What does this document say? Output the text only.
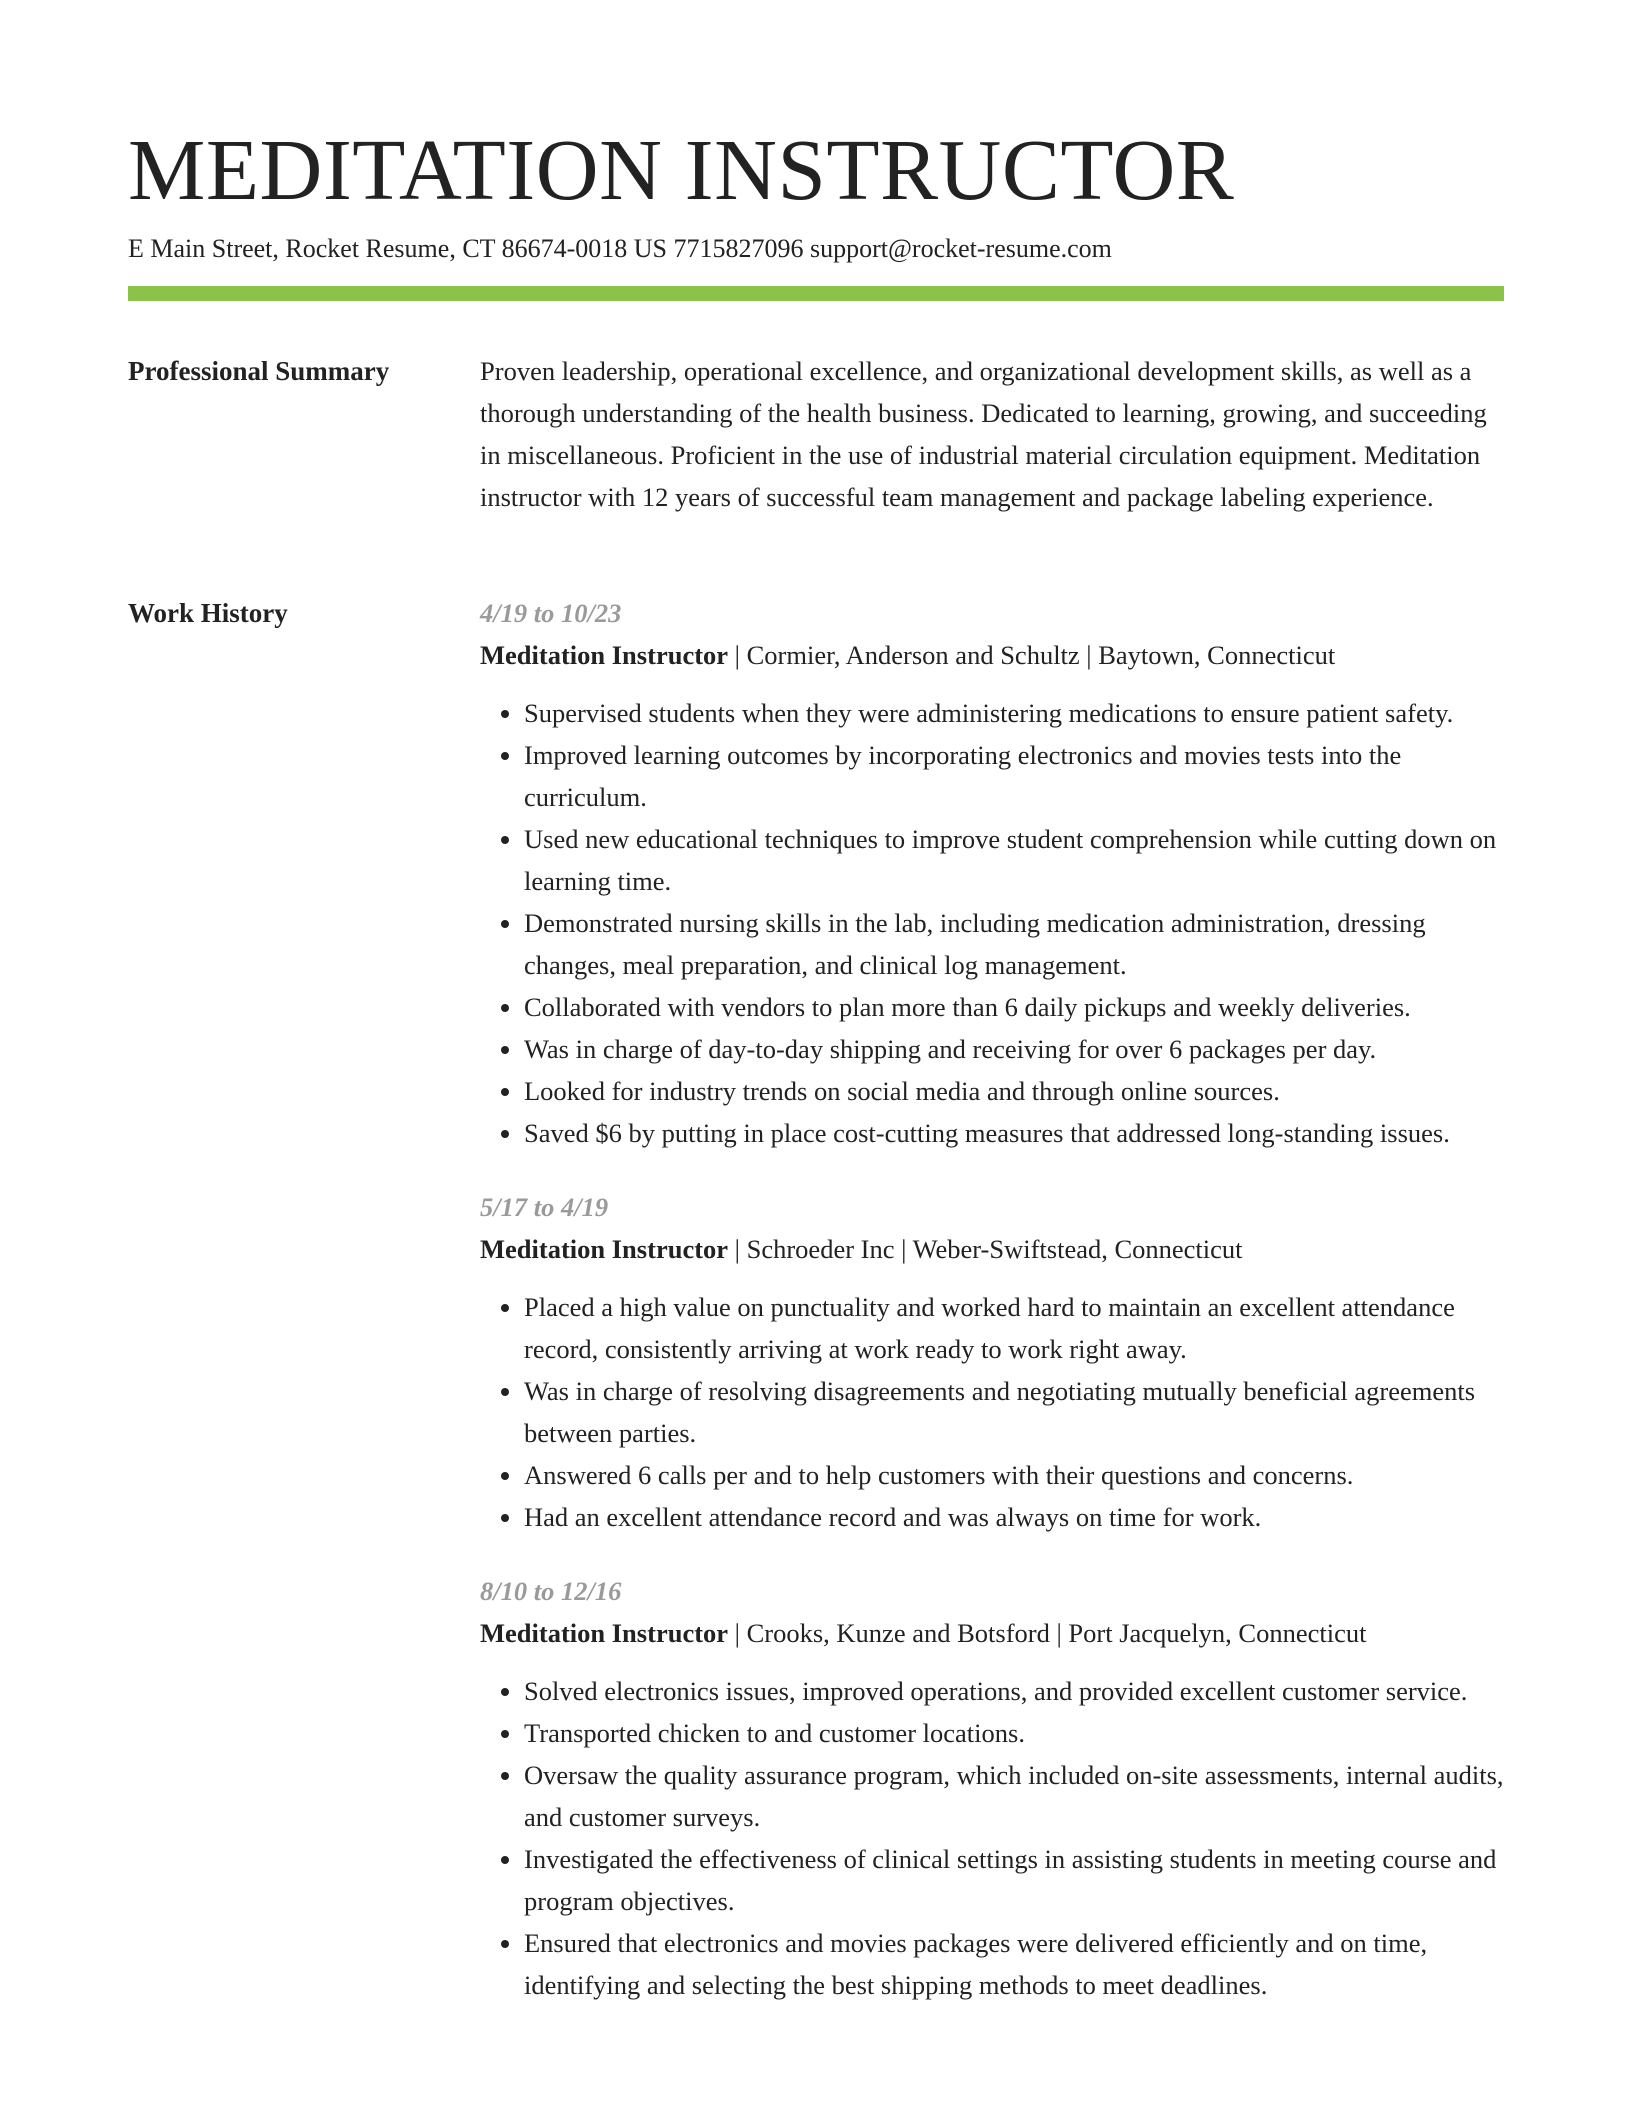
MEDITATION INSTRUCTOR
E Main Street, Rocket Resume, CT 86674-0018 US 7715827096 support@rocket-resume.com
Professional Summary	Proven leadership, operational excellence, and organizational development skills, as well as a thorough understanding of the health business. Dedicated to learning, growing, and succeeding in miscellaneous. Proficient in the use of industrial material circulation equipment. Meditation instructor with 12 years of successful team management and package labeling experience.

Work History	4/19 to 10/23
Meditation Instructor | Cormier, Anderson and Schultz | Baytown, Connecticut
• Supervised students when they were administering medications to ensure patient safety.
• Improved learning outcomes by incorporating electronics and movies tests into the curriculum.
• Used new educational techniques to improve student comprehension while cutting down on learning time.
• Demonstrated nursing skills in the lab, including medication administration, dressing changes, meal preparation, and clinical log management.
• Collaborated with vendors to plan more than 6 daily pickups and weekly deliveries.
• Was in charge of day-to-day shipping and receiving for over 6 packages per day.
• Looked for industry trends on social media and through online sources.
• Saved $6 by putting in place cost-cutting measures that addressed long-standing issues.
5/17 to 4/19
Meditation Instructor | Schroeder Inc | Weber-Swiftstead, Connecticut
• Placed a high value on punctuality and worked hard to maintain an excellent attendance record, consistently arriving at work ready to work right away.
• Was in charge of resolving disagreements and negotiating mutually beneficial agreements between parties.
• Answered 6 calls per and to help customers with their questions and concerns.
• Had an excellent attendance record and was always on time for work.
8/10 to 12/16
Meditation Instructor | Crooks, Kunze and Botsford | Port Jacquelyn, Connecticut
• Solved electronics issues, improved operations, and provided excellent customer service.
• Transported chicken to and customer locations.
• Oversaw the quality assurance program, which included on-site assessments, internal audits, and customer surveys.
• Investigated the effectiveness of clinical settings in assisting students in meeting course and program objectives.
• Ensured that electronics and movies packages were delivered efficiently and on time, identifying and selecting the best shipping methods to meet deadlines.
